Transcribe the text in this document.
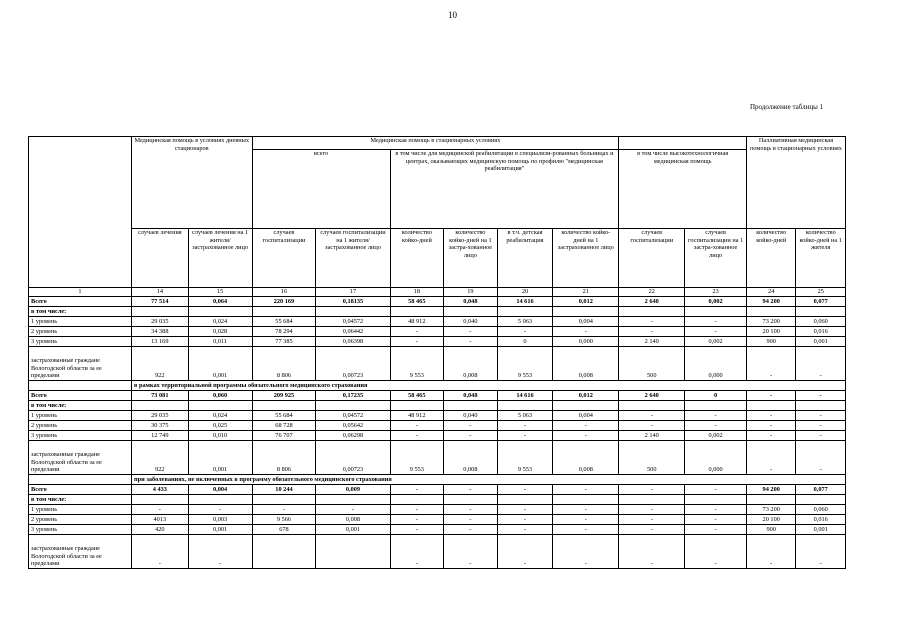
10
Продолжение таблицы 1
	Медицинская помощь в условиях дневных стационаров		Медицинская помощь в стационарных условиях								Паллиативная медицинская помощь в стационарных условиях	
			всего		в том числе для медицинской реабилитации в специализи-рованных больницах и центрах, оказывающих медицинскую помощь по профилю "медицинская реабилитация"				в том числе высокотехнологичная медицинская помощь			
	случаев лечения	случаев лечения на 1 жителя/ застрахованное лицо	случаев госпитализации	случаев госпитализации на 1 жителя/ застрахованное лицо	количество койко-дней	количество койко-дней на 1 застра-хованное лицо	в т.ч. детская реабилитация	количество койко-дней на 1 застрахованное лицо	случаев госпитализации	случаев госпитализации на 1 застра-хованное лицо	количество койко-дней	количество койко-дней на 1 жителя
1	14	15	16	17	18	19	20	21	22	23	24	25
Всего	77 514	0,064	220 169	0,18135	58 465	0,048	14 616	0,012	2 640	0,002	94 200	0,077
в том числе:												
1 уровень	29 035	0,024	55 684	0,04572	48 912	0,040	5 063	0,004	-	-	73 200	0,060
2 уровень	34 388	0,028	78 294	0,06442	-	-	-	-	-	-	20 100	0,016
3 уровень	13 169	0,011	77 385	0,06398	-	-	0	0,000	2 140	0,002	900	0,001
застрахованные граждане Вологодской области за ее пределами	922	0,001	8 806	0,00723	9 553	0,008	9 553	0,008	500	0,000	-	-
	в рамках территориальной программы обязательного медицинского страхования											
Всего	73 081	0,060	209 925	0,17235	58 465	0,048	14 616	0,012	2 640	0	-	-
в том числе:												
1 уровень	29 035	0,024	55 684	0,04572	48 912	0,040	5 063	0,004	-	-	-	-
2 уровень	30 375	0,025	68 728	0,05642	-	-	-	-	-	-	-	-
3 уровень	12 749	0,010	76 707	0,06298	-	-	-	-	2 140	0,002	-	-
застрахованные граждане Вологодской области за ее пределами	922	0,001	8 806	0,00723	9 553	0,008	9 553	0,008	500	0,000	-	-
	при заболеваниях, не включенных в программу обязательного медицинского страхования											
Всего	4 433	0,004	10 244	0,009	-	-	-	-	-	-	94 200	0,077
в том числе:												
1 уровень	-	-	-	-	-	-	-	-	-	-	73 200	0,060
2 уровень	4013	0,003	9 566	0,008	-	-	-	-	-	-	20 100	0,016
3 уровень	420	0,001	678	0,001	-	-	-	-	-	-	900	0,001
застрахованные граждане Вологодской области за ее пределами	-	-			-	-	-	-	-	-	-	-
